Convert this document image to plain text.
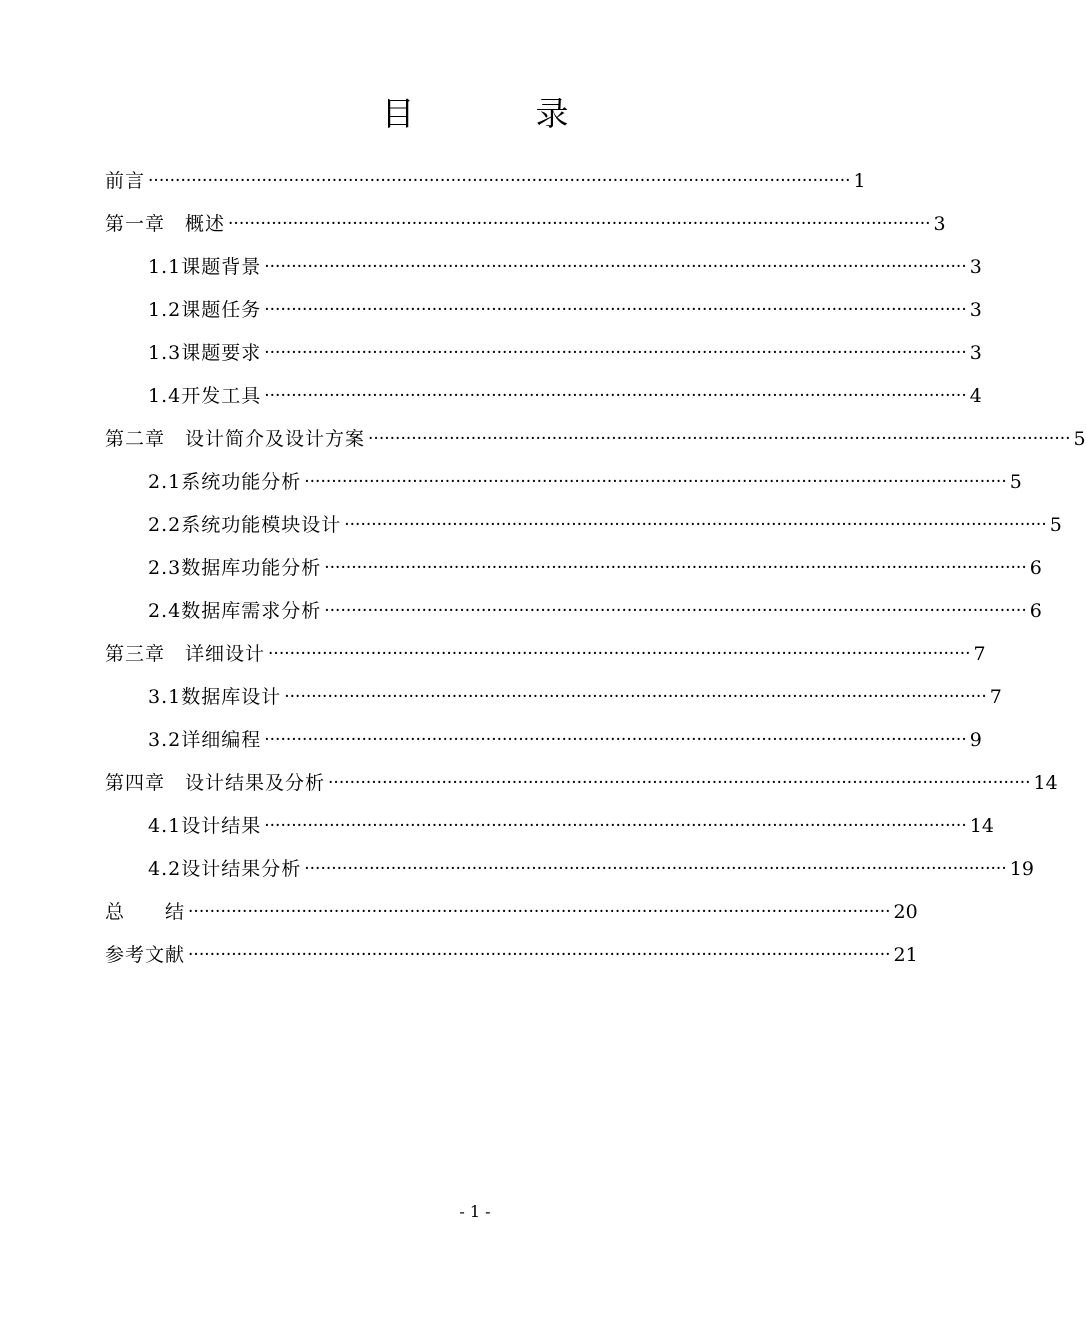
目　录
前言 ·································································································································· 1
第一章 概述 ·································································································································· 3
1.1 课题背景 ·································································································································· 3
1.2 课题任务 ·································································································································· 3
1.3 课题要求 ·································································································································· 3
1.4 开发工具 ·································································································································· 4
第二章 设计简介及设计方案 ·································································································································· 5
2.1 系统功能分析 ·································································································································· 5
2.2 系统功能模块设计 ·································································································································· 5
2.3 数据库功能分析 ·································································································································· 6
2.4 数据库需求分析 ·································································································································· 6
第三章 详细设计 ·································································································································· 7
3.1 数据库设计 ·································································································································· 7
3.2 详细编程 ·································································································································· 9
第四章 设计结果及分析 ·································································································································· 14
4.1 设计结果 ·································································································································· 14
4.2 设计结果分析 ·································································································································· 19
总　　结 ·································································································································· 20
参考文献 ·································································································································· 21
- 1 -
